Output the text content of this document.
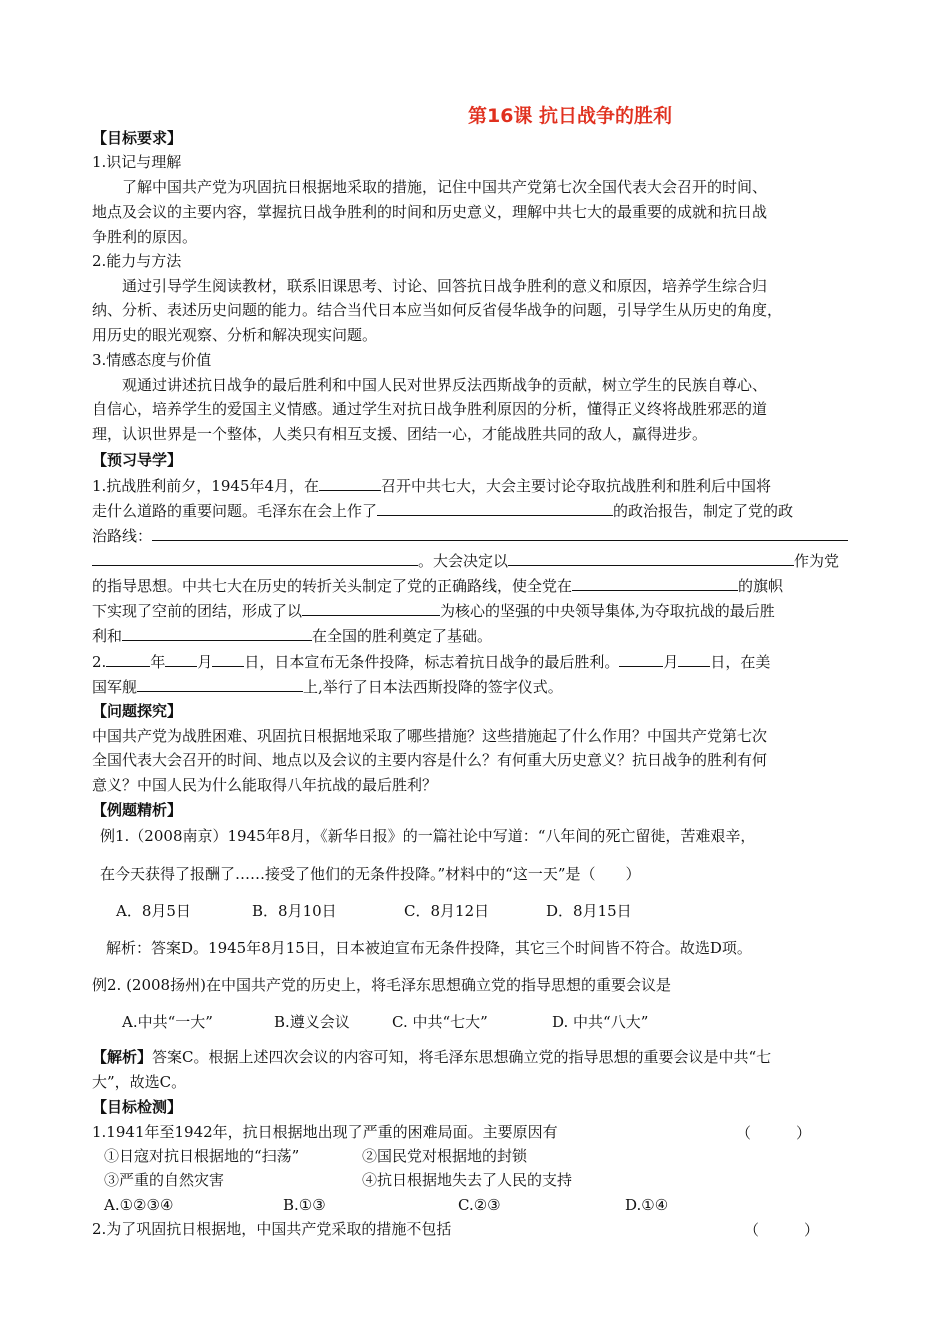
第16课 抗日战争的胜利
【目标要求】
1.识记与理解
了解中国共产党为巩固抗日根据地采取的措施，记住中国共产党第七次全国代表大会召开的时间、
地点及会议的主要内容，掌握抗日战争胜利的时间和历史意义，理解中共七大的最重要的成就和抗日战
争胜利的原因。
2.能力与方法
通过引导学生阅读教材，联系旧课思考、讨论、回答抗日战争胜利的意义和原因，培养学生综合归
纳、分析、表述历史问题的能力。结合当代日本应当如何反省侵华战争的问题，引导学生从历史的角度，
用历史的眼光观察、分析和解决现实问题。
3.情感态度与价值
观通过讲述抗日战争的最后胜利和中国人民对世界反法西斯战争的贡献，树立学生的民族自尊心、
自信心，培养学生的爱国主义情感。通过学生对抗日战争胜利原因的分析，懂得正义终将战胜邪恶的道
理，认识世界是一个整体，人类只有相互支援、团结一心，才能战胜共同的敌人，赢得进步。
【预习导学】
1.抗战胜利前夕，1945年4月，在	召开中共七大，大会主要讨论夺取抗战胜利和胜利后中国将
走什么道路的重要问题。毛泽东在会上作了	的政治报告，制定了党的政
治路线：
。大会决定以	作为党
的指导思想。中共七大在历史的转折关头制定了党的正确路线，使全党在	的旗帜
下实现了空前的团结，形成了以	为核心的坚强的中央领导集体,为夺取抗战的最后胜
利和	在全国的胜利奠定了基础。
2.	年 月 日，日本宣布无条件投降，标志着抗日战争的最后胜利。	月 日，在美
国军舰	上,举行了日本法西斯投降的签字仪式。
【问题探究】
中国共产党为战胜困难、巩固抗日根据地采取了哪些措施？这些措施起了什么作用？中国共产党第七次
全国代表大会召开的时间、地点以及会议的主要内容是什么？有何重大历史意义？抗日战争的胜利有何
意义？中国人民为什么能取得八年抗战的最后胜利？
【例题精析】
例1.（2008南京）1945年8月，《新华日报》的一篇社论中写道：“八年间的死亡留徙，苦难艰辛，
在今天获得了报酬了……接受了他们的无条件投降。”材料中的“这一天”是（　　）
A．8月5日	B．8月10日	C．8月12日	D．8月15日
解析：答案D。1945年8月15日，日本被迫宣布无条件投降，其它三个时间皆不符合。故选D项。
例2. (2008扬州)在中国共产党的历史上，将毛泽东思想确立党的指导思想的重要会议是
A.中共“一大”	B.遵义会议	C. 中共“七大”	D. 中共“八大”
【解析】答案C。根据上述四次会议的内容可知，将毛泽东思想确立党的指导思想的重要会议是中共“七
大”，故选C。
【目标检测】
1.1941年至1942年，抗日根据地出现了严重的困难局面。主要原因有	（　　　）
①日寇对抗日根据地的“扫荡”	②国民党对根据地的封锁
③严重的自然灾害	④抗日根据地失去了人民的支持
A.①②③④	B.①③	C.②③	D.①④
2.为了巩固抗日根据地，中国共产党采取的措施不包括	（　　　）
